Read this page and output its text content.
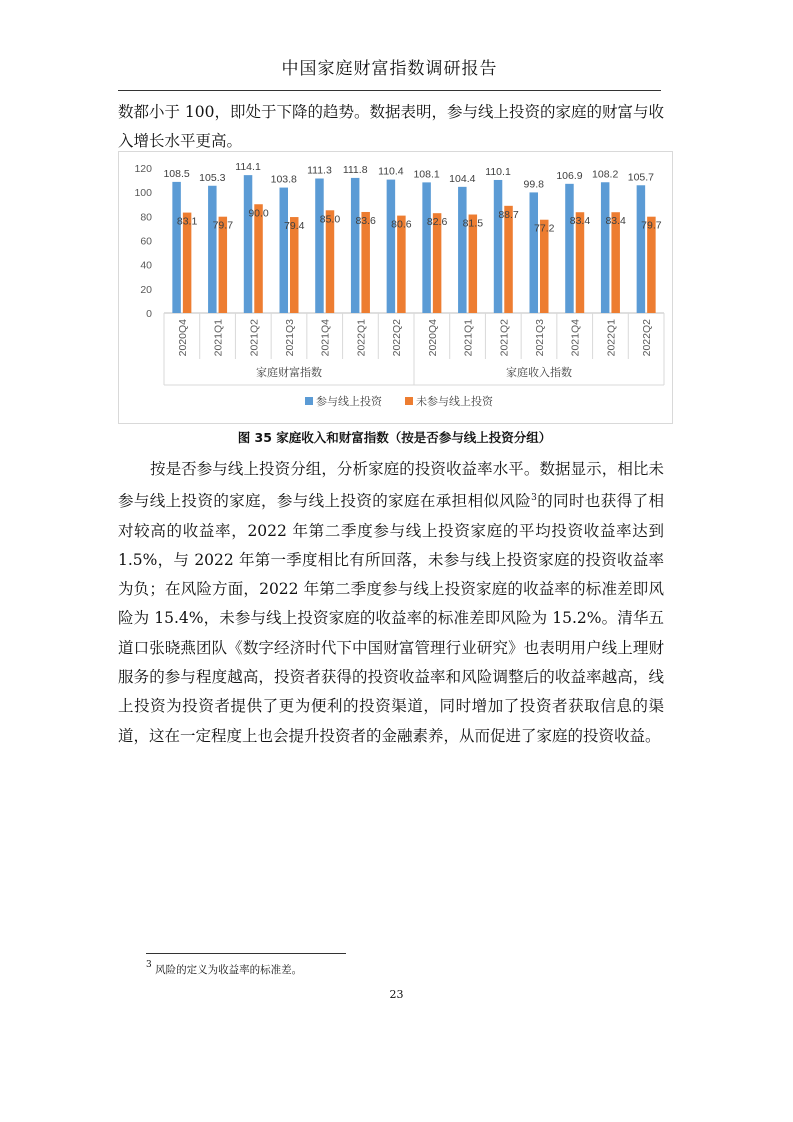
中国家庭财富指数调研报告
数都小于 100，即处于下降的趋势。数据表明，参与线上投资的家庭的财富与收入增长水平更高。
0
20
40
60
80
100
120 108.5
83.1
2020Q4
105.3
79.7
2021Q1
114.1
90.0
2021Q2
103.8
79.4
2021Q3
111.3
85.0
2021Q4
111.8
83.6
2022Q1
110.4
80.6
2022Q2
108.1
82.6
2020Q4
104.4
81.5
2021Q1
110.1
88.7
2021Q2
99.8
77.2
2021Q3
106.9
83.4
2021Q4
108.2
83.4
2022Q1
105.7
79.7
2022Q2
家庭财富指数	家庭收入指数
参与线上投资	未参与线上投资
图 35 家庭收入和财富指数（按是否参与线上投资分组）
按是否参与线上投资分组，分析家庭的投资收益率水平。数据显示，相比未参与线上投资的家庭，参与线上投资的家庭在承担相似风险$^3$的同时也获得了相对较高的收益率，2022 年第二季度参与线上投资家庭的平均投资收益率达到 1.5%，与 2022 年第一季度相比有所回落，未参与线上投资家庭的投资收益率为负；在风险方面，2022 年第二季度参与线上投资家庭的收益率的标准差即风险为 15.4%，未参与线上投资家庭的收益率的标准差即风险为 15.2%。清华五道口张晓燕团队《数字经济时代下中国财富管理行业研究》也表明用户线上理财服务的参与程度越高，投资者获得的投资收益率和风险调整后的收益率越高，线上投资为投资者提供了更为便利的投资渠道，同时增加了投资者获取信息的渠道，这在一定程度上也会提升投资者的金融素养，从而促进了家庭的投资收益。
$^3$ 风险的定义为收益率的标准差。
23
